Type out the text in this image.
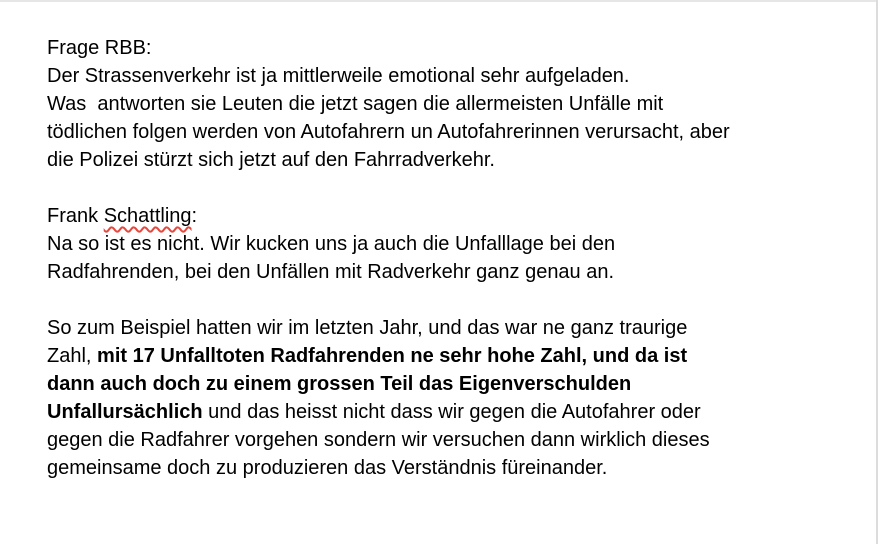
Frage RBB:
Der Strassenverkehr ist ja mittlerweile emotional sehr aufgeladen.
Was  antworten sie Leuten die jetzt sagen die allermeisten Unfälle mit
tödlichen folgen werden von Autofahrern un Autofahrerinnen verursacht, aber
die Polizei stürzt sich jetzt auf den Fahrradverkehr.
Frank Schattling:
Na so ist es nicht. Wir kucken uns ja auch die Unfalllage bei den
Radfahrenden, bei den Unfällen mit Radverkehr ganz genau an.
So zum Beispiel hatten wir im letzten Jahr, und das war ne ganz traurige
Zahl, mit 17 Unfalltoten Radfahrenden ne sehr hohe Zahl, und da ist
dann auch doch zu einem grossen Teil das Eigenverschulden
Unfallursächlich und das heisst nicht dass wir gegen die Autofahrer oder
gegen die Radfahrer vorgehen sondern wir versuchen dann wirklich dieses
gemeinsame doch zu produzieren das Verständnis füreinander.
